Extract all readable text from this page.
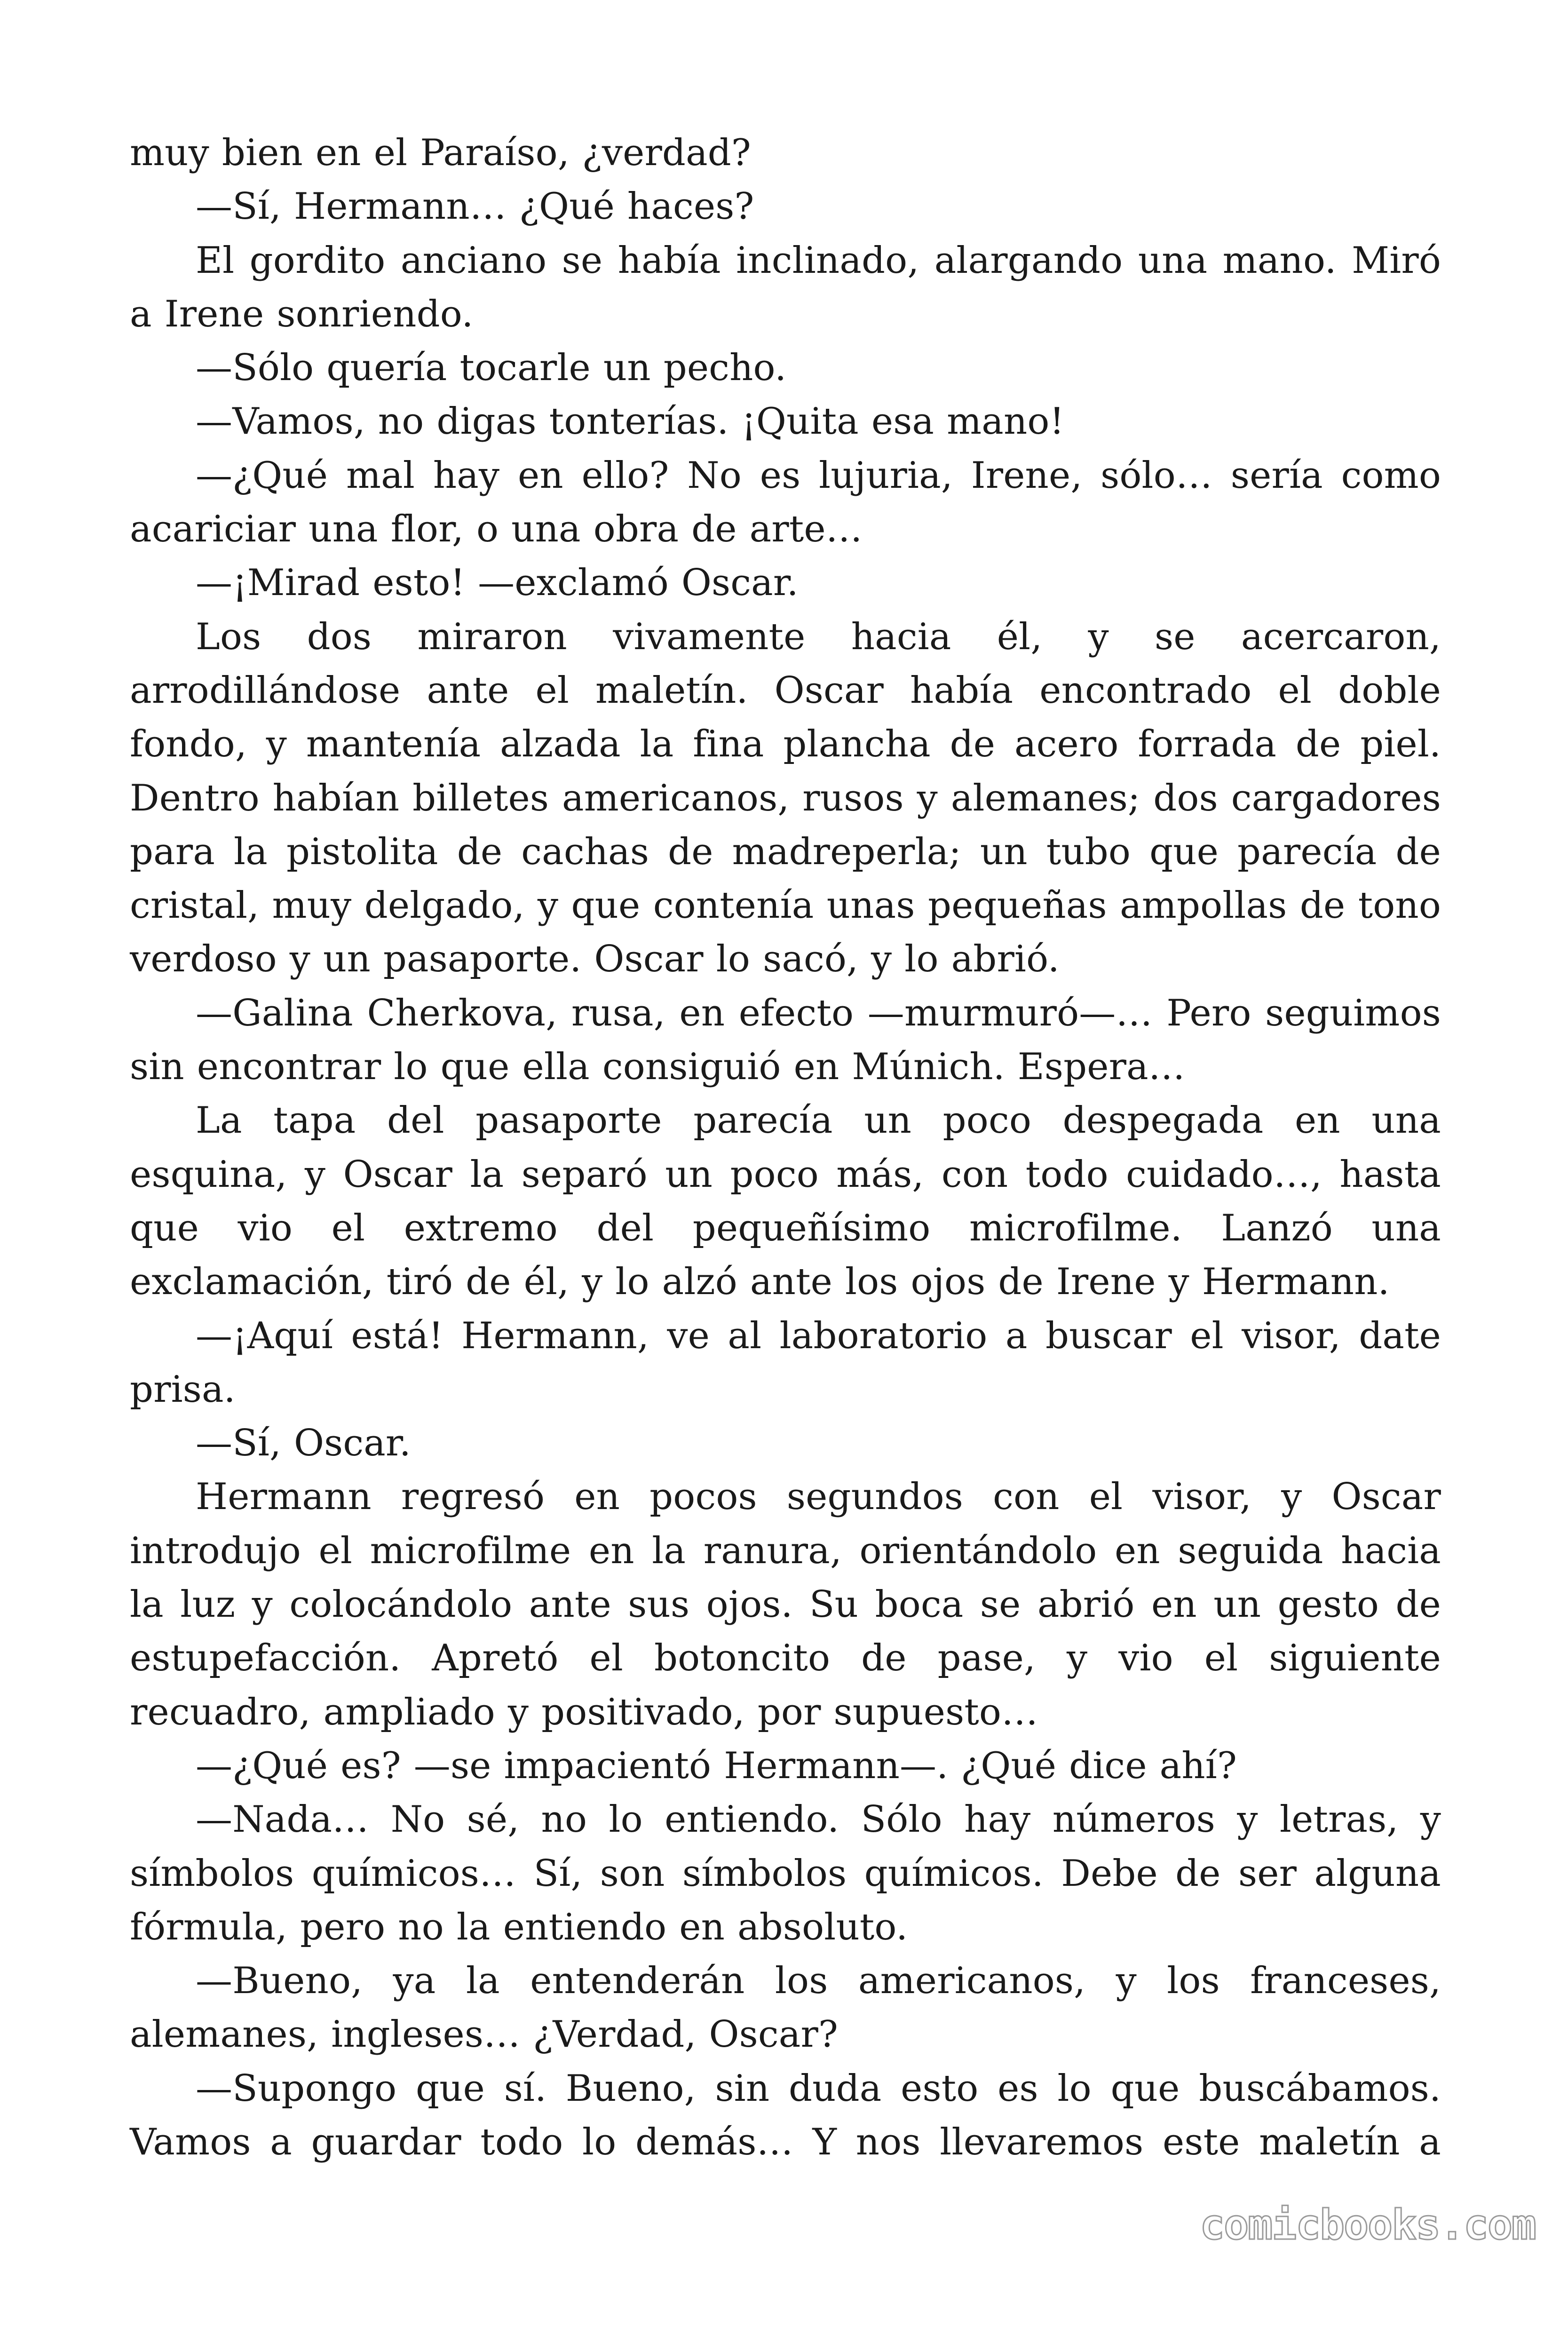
muy bien en el Paraíso, ¿verdad?

—Sí, Hermann… ¿Qué haces?

El gordito anciano se había inclinado, alargando una mano. Miró a Irene sonriendo.

—Sólo quería tocarle un pecho.

—Vamos, no digas tonterías. ¡Quita esa mano!

—¿Qué mal hay en ello? No es lujuria, Irene, sólo… sería como acariciar una flor, o una obra de arte…

—¡Mirad esto! —exclamó Oscar.

Los dos miraron vivamente hacia él, y se acercaron, arrodillándose ante el maletín. Oscar había encontrado el doble fondo, y mantenía alzada la fina plancha de acero forrada de piel. Dentro habían billetes americanos, rusos y alemanes; dos cargadores para la pistolita de cachas de madreperla; un tubo que parecía de cristal, muy delgado, y que contenía unas pequeñas ampollas de tono verdoso y un pasaporte. Oscar lo sacó, y lo abrió.

—Galina Cherkova, rusa, en efecto —murmuró—… Pero seguimos sin encontrar lo que ella consiguió en Múnich. Espera…

La tapa del pasaporte parecía un poco despegada en una esquina, y Oscar la separó un poco más, con todo cuidado…, hasta que vio el extremo del pequeñísimo microfilme. Lanzó una exclamación, tiró de él, y lo alzó ante los ojos de Irene y Hermann.

—¡Aquí está! Hermann, ve al laboratorio a buscar el visor, date prisa.

—Sí, Oscar.

Hermann regresó en pocos segundos con el visor, y Oscar introdujo el microfilme en la ranura, orientándolo en seguida hacia la luz y colocándolo ante sus ojos. Su boca se abrió en un gesto de estupefacción. Apretó el botoncito de pase, y vio el siguiente recuadro, ampliado y positivado, por supuesto…

—¿Qué es? —se impacientó Hermann—. ¿Qué dice ahí?

—Nada… No sé, no lo entiendo. Sólo hay números y letras, y símbolos químicos… Sí, son símbolos químicos. Debe de ser alguna fórmula, pero no la entiendo en absoluto.

—Bueno, ya la entenderán los americanos, y los franceses, alemanes, ingleses… ¿Verdad, Oscar?

—Supongo que sí. Bueno, sin duda esto es lo que buscábamos. Vamos a guardar todo lo demás… Y nos llevaremos este maletín a

comicbooks.com
